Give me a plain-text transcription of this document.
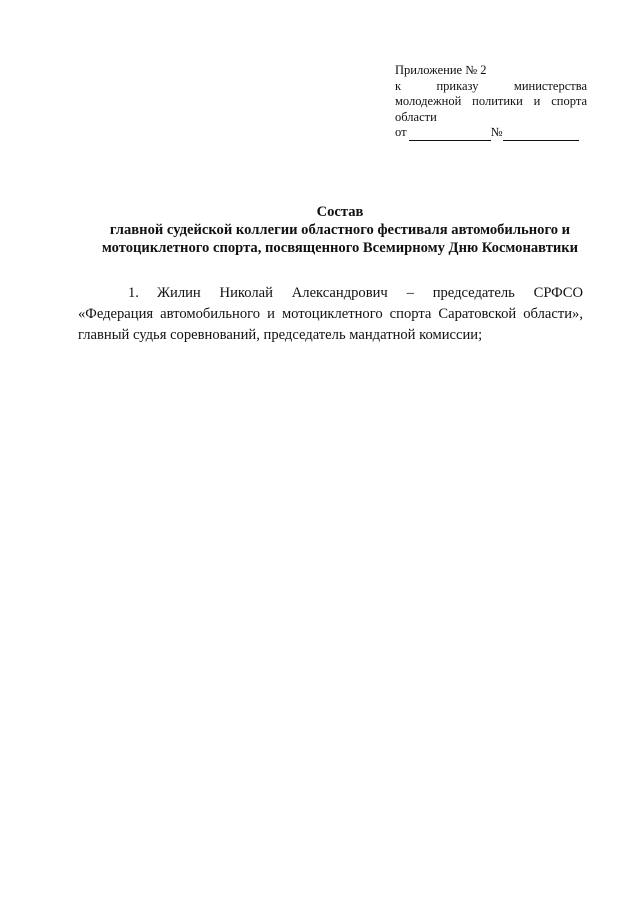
Приложение № 2
к приказу министерства
молодежной политики и спорта
области
от	№
Состав
главной судейской коллегии областного фестиваля автомобильного и
мотоциклетного спорта, посвященного Всемирному Дню Космонавтики
1. Жилин Николай Александрович – председатель СРФСО «Федерация автомобильного и мотоциклетного спорта Саратовской области», главный судья соревнований, председатель мандатной комиссии;
